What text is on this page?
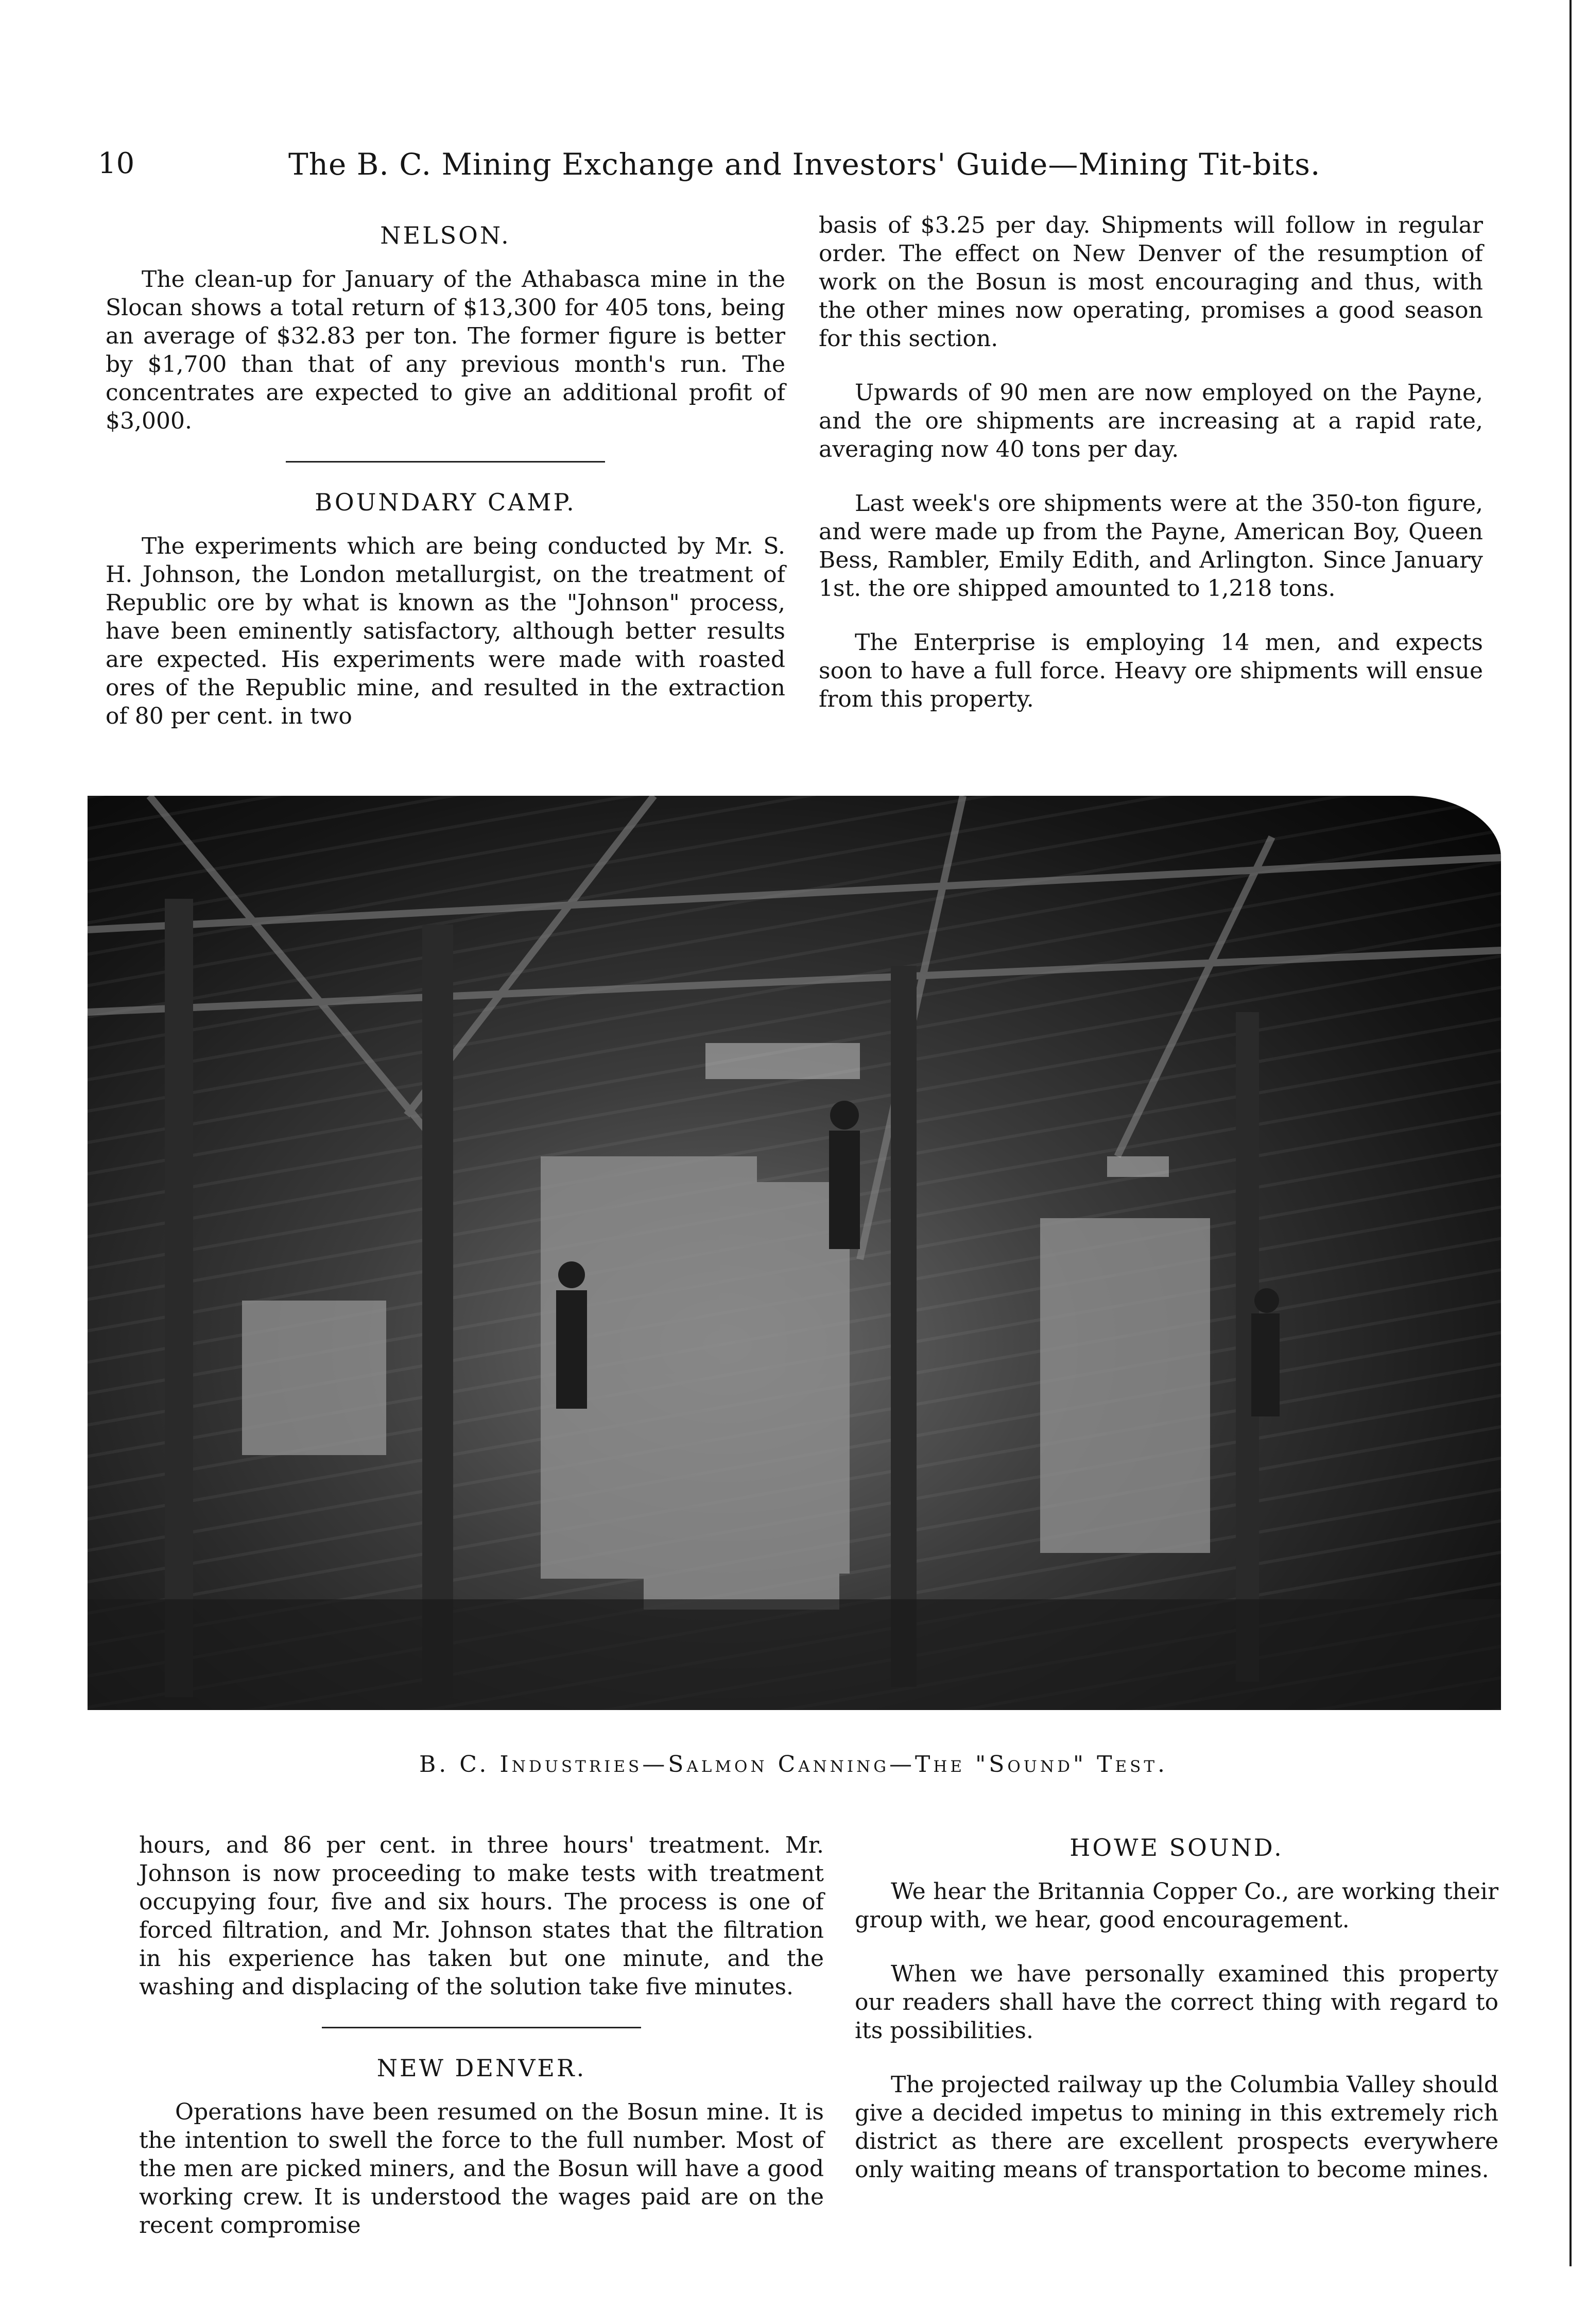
10	The B. C. Mining Exchange and Investors' Guide—Mining Tit-bits.
NELSON.

The clean-up for January of the Athabasca mine in the Slocan shows a total return of $13,300 for 405 tons, being an average of $32.83 per ton. The former figure is better by $1,700 than that of any previous month's run. The concentrates are expected to give an additional profit of $3,000.

BOUNDARY CAMP.

The experiments which are being conducted by Mr. S. H. Johnson, the London metallurgist, on the treatment of Republic ore by what is known as the "Johnson" process, have been eminently satisfactory, although better results are expected. His experiments were made with roasted ores of the Republic mine, and resulted in the extraction of 80 per cent. in two

basis of $3.25 per day. Shipments will follow in regular order. The effect on New Denver of the resumption of work on the Bosun is most encouraging and thus, with the other mines now operating, promises a good season for this section.

Upwards of 90 men are now employed on the Payne, and the ore shipments are increasing at a rapid rate, averaging now 40 tons per day.

Last week's ore shipments were at the 350-ton figure, and were made up from the Payne, American Boy, Queen Bess, Rambler, Emily Edith, and Arlington. Since January 1st. the ore shipped amounted to 1,218 tons.

The Enterprise is employing 14 men, and expects soon to have a full force. Heavy ore shipments will ensue from this property.

B. C. Industries—Salmon Canning—The "Sound" Test.

hours, and 86 per cent. in three hours' treatment. Mr. Johnson is now proceeding to make tests with treatment occupying four, five and six hours. The process is one of forced filtration, and Mr. Johnson states that the filtration in his experience has taken but one minute, and the washing and displacing of the solution take five minutes.

NEW DENVER.

Operations have been resumed on the Bosun mine. It is the intention to swell the force to the full number. Most of the men are picked miners, and the Bosun will have a good working crew. It is understood the wages paid are on the recent compromise

HOWE SOUND.

We hear the Britannia Copper Co., are working their group with, we hear, good encouragement.

When we have personally examined this property our readers shall have the correct thing with regard to its possibilities.

The projected railway up the Columbia Valley should give a decided impetus to mining in this extremely rich district as there are excellent prospects everywhere only waiting means of transportation to become mines.
